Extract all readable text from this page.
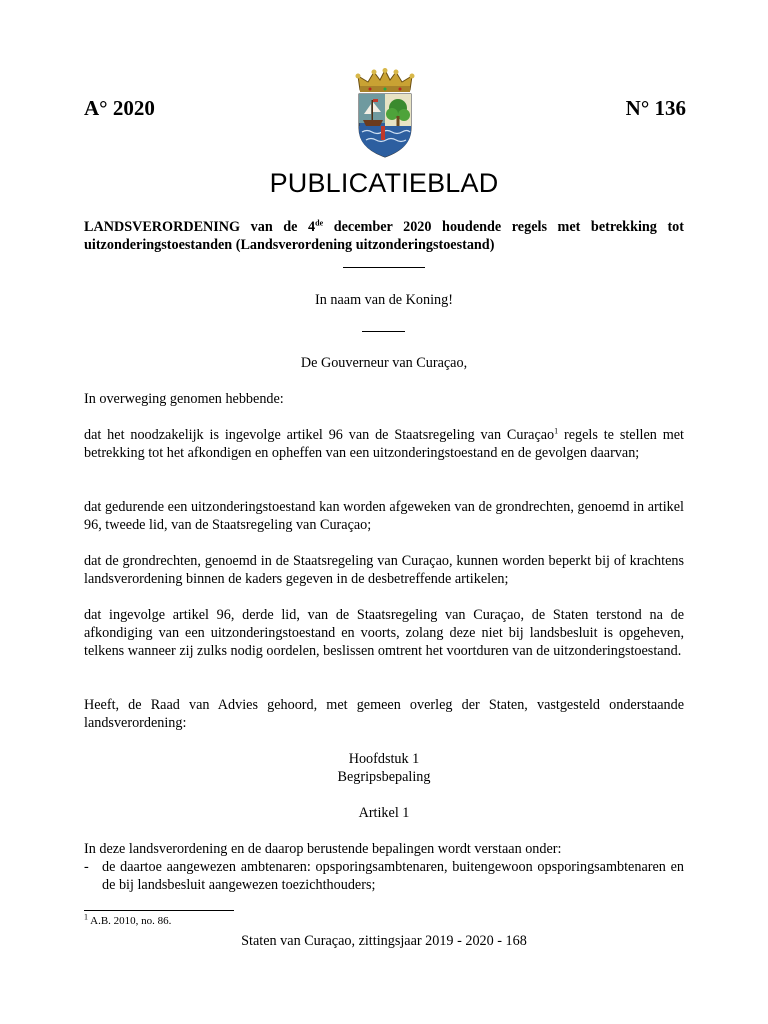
A° 2020	N° 136
PUBLICATIEBLAD
LANDSVERORDENING van de 4de december 2020 houdende regels met betrekking tot uitzonderingstoestanden (Landsverordening uitzonderingstoestand)
In naam van de Koning!
De Gouverneur van Curaçao,
In overweging genomen hebbende:
dat het noodzakelijk is ingevolge artikel 96 van de Staatsregeling van Curaçao$^1$ regels te stellen met betrekking tot het afkondigen en opheffen van een uitzonderingstoestand en de gevolgen daarvan;
dat gedurende een uitzonderingstoestand kan worden afgeweken van de grondrechten, genoemd in artikel 96, tweede lid, van de Staatsregeling van Curaçao;
dat de grondrechten, genoemd in de Staatsregeling van Curaçao, kunnen worden beperkt bij of krachtens landsverordening binnen de kaders gegeven in de desbetreffende artikelen;
dat ingevolge artikel 96, derde lid, van de Staatsregeling van Curaçao, de Staten terstond na de afkondiging van een uitzonderingstoestand en voorts, zolang deze niet bij landsbesluit is opgeheven, telkens wanneer zij zulks nodig oordelen, beslissen omtrent het voortduren van de uitzonderingstoestand.
Heeft, de Raad van Advies gehoord, met gemeen overleg der Staten, vastgesteld onderstaande landsverordening:
Hoofdstuk 1
Begripsbepaling
Artikel 1
In deze landsverordening en de daarop berustende bepalingen wordt verstaan onder:
- de daartoe aangewezen ambtenaren: opsporingsambtenaren, buitengewoon opsporingsambtenaren en de bij landsbesluit aangewezen toezichthouders;
$^1$ A.B. 2010, no. 86.
Staten van Curaçao, zittingsjaar 2019 - 2020 - 168
